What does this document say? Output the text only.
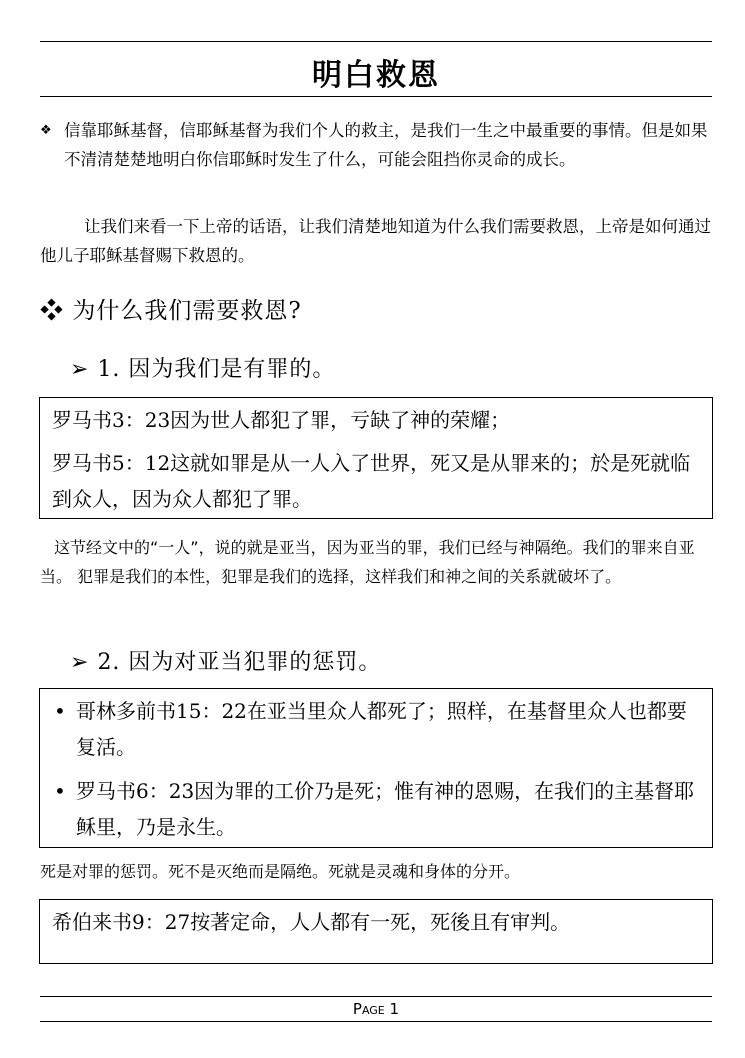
明白救恩
❖ 信靠耶稣基督，信耶稣基督为我们个人的救主，是我们一生之中最重要的事情。但是如果不清清楚楚地明白你信耶稣时发生了什么，可能会阻挡你灵命的成长。
让我们来看一下上帝的话语，让我们清楚地知道为什么我们需要救恩，上帝是如何通过他儿子耶稣基督赐下救恩的。
❖ 为什么我们需要救恩?
➢ 1. 因为我们是有罪的。
罗马书3：23因为世人都犯了罪，亏缺了神的荣耀；
罗马书5：12这就如罪是从一人入了世界，死又是从罪来的；於是死就临到众人，因为众人都犯了罪。
这节经文中的“一人”，说的就是亚当，因为亚当的罪，我们已经与神隔绝。我们的罪来自亚当。 犯罪是我们的本性，犯罪是我们的选择，这样我们和神之间的关系就破坏了。
➢ 2. 因为对亚当犯罪的惩罚。
• 哥林多前书15：22在亚当里众人都死了；照样，在基督里众人也都要复活。
• 罗马书6：23因为罪的工价乃是死；惟有神的恩赐，在我们的主基督耶稣里，乃是永生。
死是对罪的惩罚。死不是灭绝而是隔绝。死就是灵魂和身体的分开。
希伯来书9：27按著定命，人人都有一死，死後且有审判。
Page 1
